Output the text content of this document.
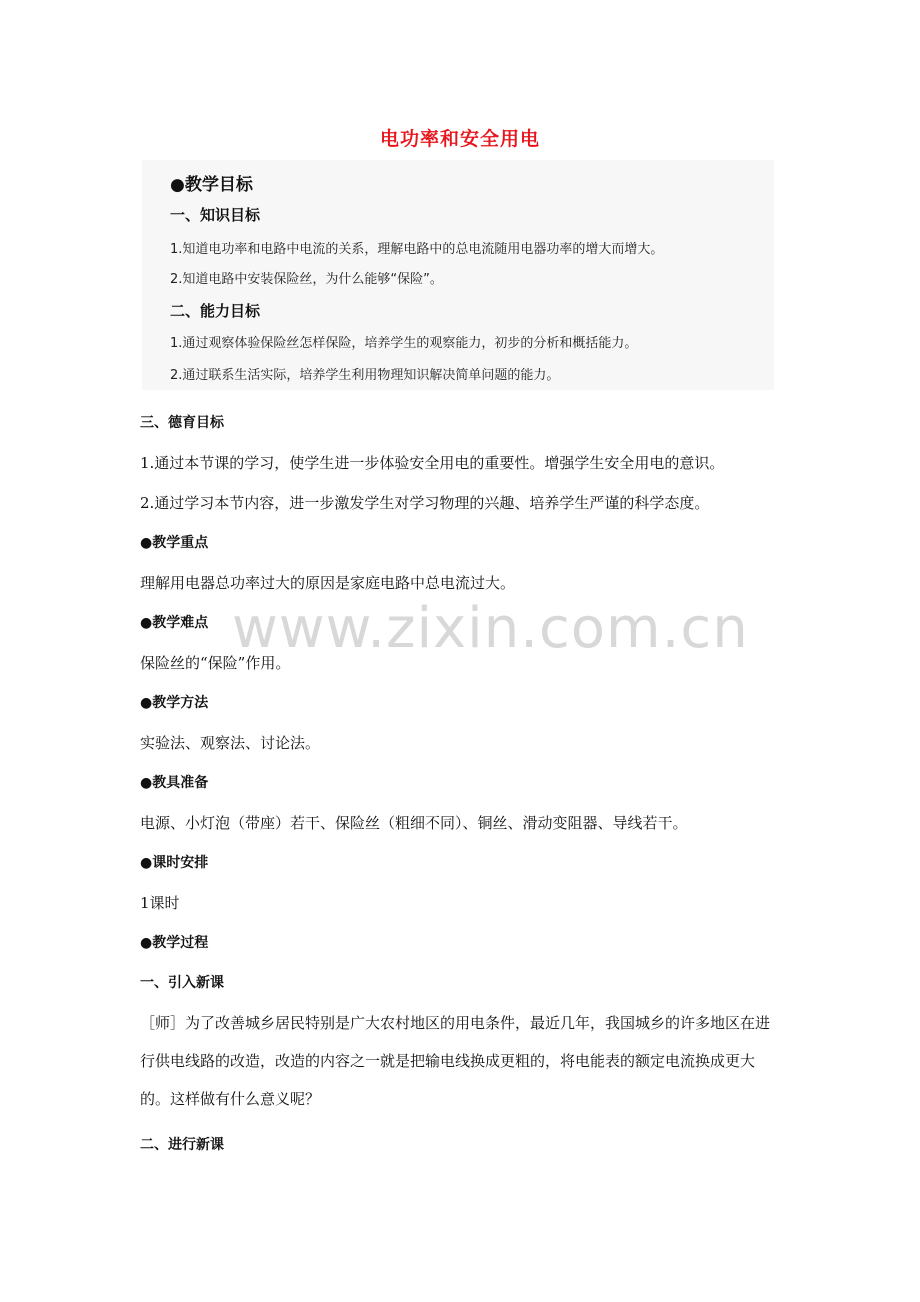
电功率和安全用电
●教学目标
一、知识目标
1.知道电功率和电路中电流的关系，理解电路中的总电流随用电器功率的增大而增大。
2.知道电路中安装保险丝，为什么能够“保险”。
二、能力目标
1.通过观察体验保险丝怎样保险，培养学生的观察能力，初步的分析和概括能力。
2.通过联系生活实际，培养学生利用物理知识解决简单问题的能力。
三、德育目标
1.通过本节课的学习，使学生进一步体验安全用电的重要性。增强学生安全用电的意识。
2.通过学习本节内容，进一步激发学生对学习物理的兴趣、培养学生严谨的科学态度。
●教学重点
理解用电器总功率过大的原因是家庭电路中总电流过大。
●教学难点
保险丝的“保险”作用。
●教学方法
实验法、观察法、讨论法。
●教具准备
电源、小灯泡（带座）若干、保险丝（粗细不同）、铜丝、滑动变阻器、导线若干。
●课时安排
1课时
●教学过程
一、引入新课
［师］为了改善城乡居民特别是广大农村地区的用电条件，最近几年，我国城乡的许多地区在进行供电线路的改造，改造的内容之一就是把输电线换成更粗的，将电能表的额定电流换成更大的。这样做有什么意义呢？
二、进行新课
www.zixin.com.cn
